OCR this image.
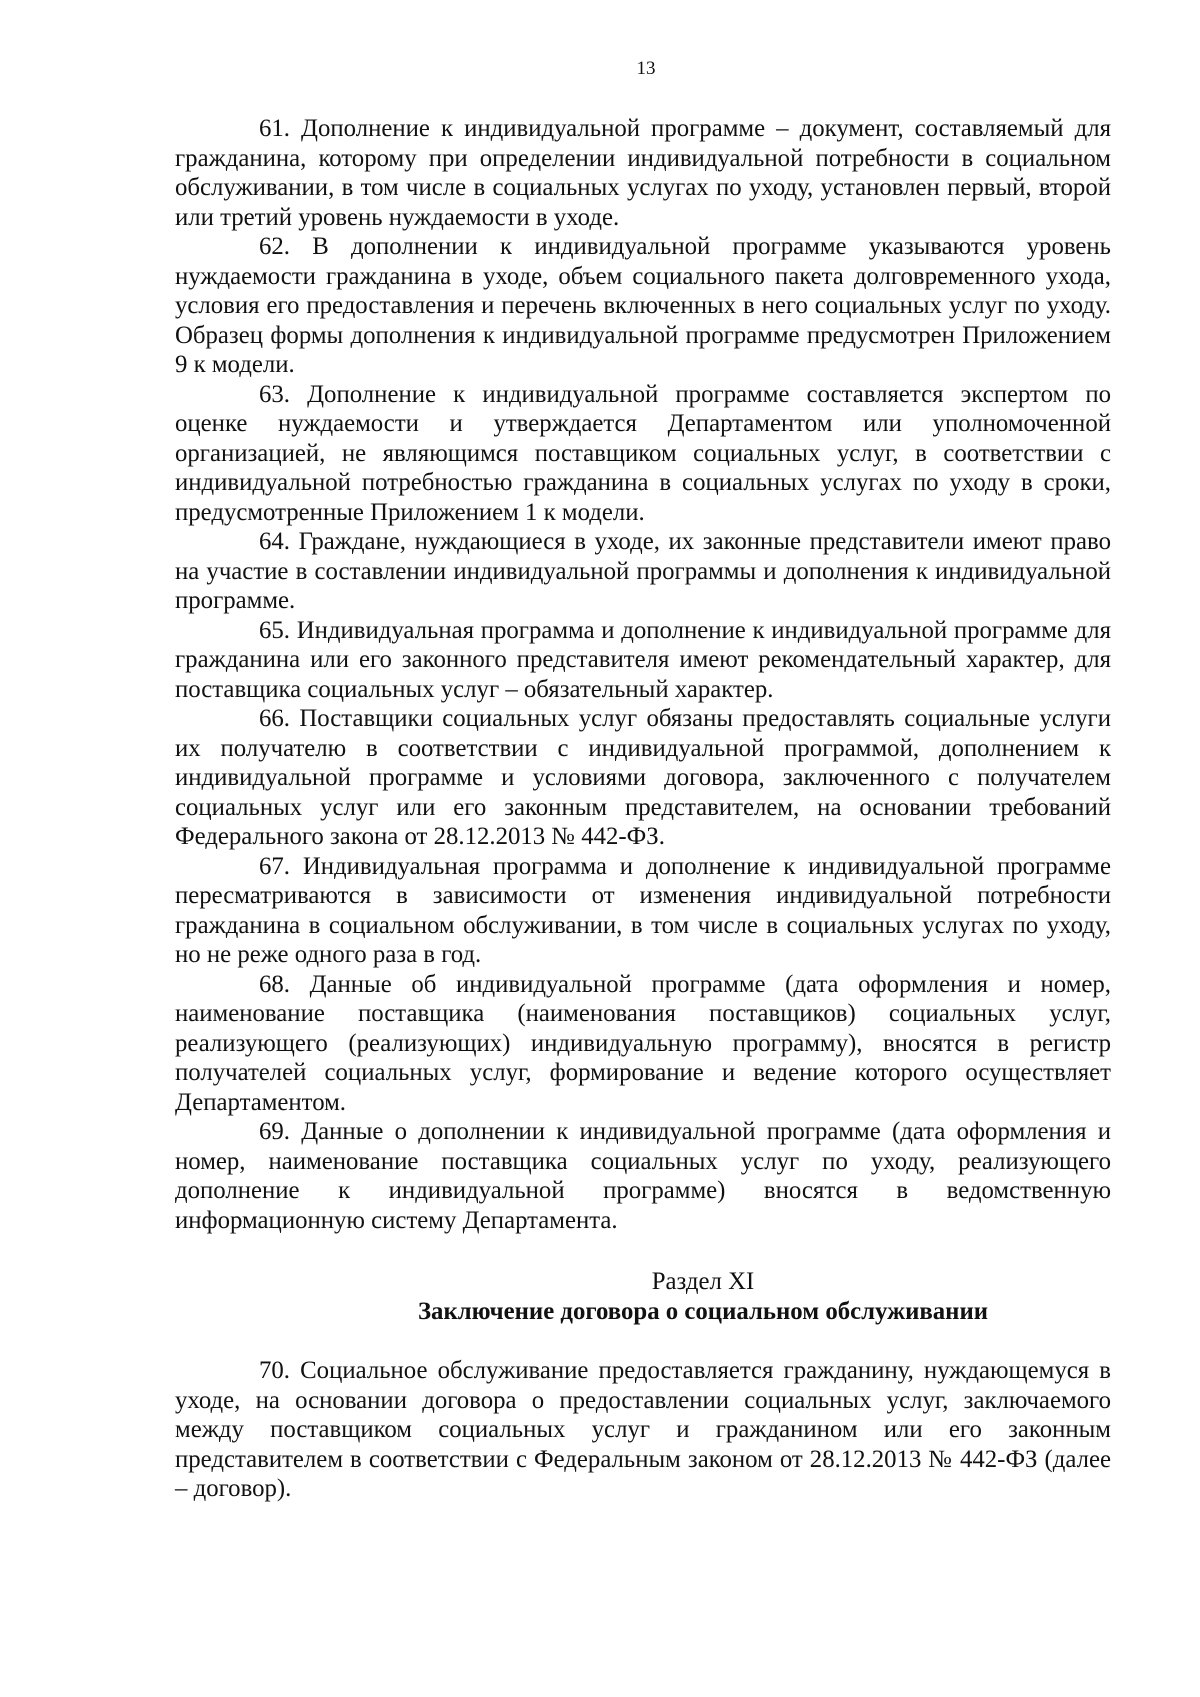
13

61. Дополнение к индивидуальной программе – документ, составляемый для гражданина, которому при определении индивидуальной потребности в социальном обслуживании, в том числе в социальных услугах по уходу, установлен первый, второй или третий уровень нуждаемости в уходе.

62. В дополнении к индивидуальной программе указываются уровень нуждаемости гражданина в уходе, объем социального пакета долговременного ухода, условия его предоставления и перечень включенных в него социальных услуг по уходу. Образец формы дополнения к индивидуальной программе предусмотрен Приложением 9 к модели.

63. Дополнение к индивидуальной программе составляется экспертом по оценке нуждаемости и утверждается Департаментом или уполномоченной организацией, не являющимся поставщиком социальных услуг, в соответствии с индивидуальной потребностью гражданина в социальных услугах по уходу в сроки, предусмотренные Приложением 1 к модели.

64. Граждане, нуждающиеся в уходе, их законные представители имеют право на участие в составлении индивидуальной программы и дополнения к индивидуальной программе.

65. Индивидуальная программа и дополнение к индивидуальной программе для гражданина или его законного представителя имеют рекомендательный характер, для поставщика социальных услуг – обязательный характер.

66. Поставщики социальных услуг обязаны предоставлять социальные услуги их получателю в соответствии с индивидуальной программой, дополнением к индивидуальной программе и условиями договора, заключенного с получателем социальных услуг или его законным представителем, на основании требований Федерального закона от 28.12.2013 № 442-ФЗ.

67. Индивидуальная программа и дополнение к индивидуальной программе пересматриваются в зависимости от изменения индивидуальной потребности гражданина в социальном обслуживании, в том числе в социальных услугах по уходу, но не реже одного раза в год.

68. Данные об индивидуальной программе (дата оформления и номер, наименование поставщика (наименования поставщиков) социальных услуг, реализующего (реализующих) индивидуальную программу), вносятся в регистр получателей социальных услуг, формирование и ведение которого осуществляет Департаментом.

69. Данные о дополнении к индивидуальной программе (дата оформления и номер, наименование поставщика социальных услуг по уходу, реализующего дополнение к индивидуальной программе) вносятся в ведомственную информационную систему Департамента.

Раздел XI
Заключение договора о социальном обслуживании

70. Социальное обслуживание предоставляется гражданину, нуждающемуся в уходе, на основании договора о предоставлении социальных услуг, заключаемого между поставщиком социальных услуг и гражданином или его законным представителем в соответствии с Федеральным законом от 28.12.2013 № 442-ФЗ (далее – договор).
